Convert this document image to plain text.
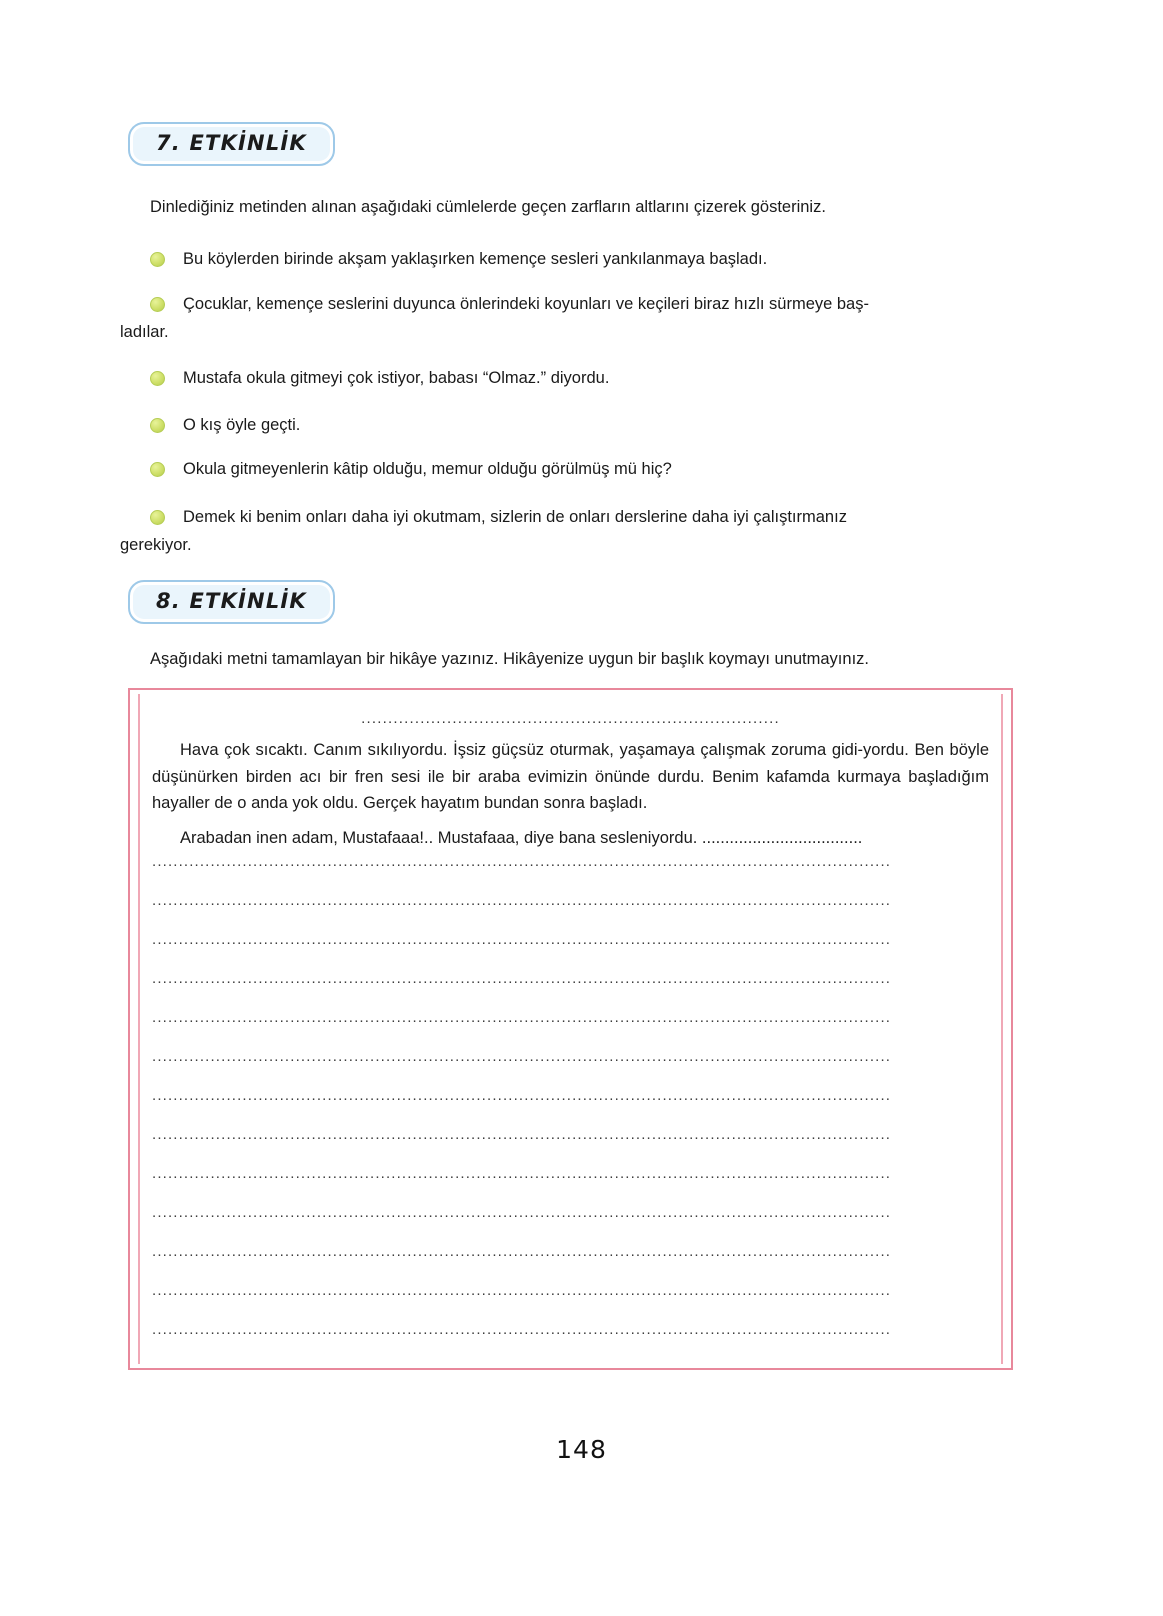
7. ETKİNLİK

Dinlediğiniz metinden alınan aşağıdaki cümlelerde geçen zarfların altlarını çizerek gösteriniz.

Bu köylerden birinde akşam yaklaşırken kemençe sesleri yankılanmaya başladı.
Çocuklar, kemençe seslerini duyunca önlerindeki koyunları ve keçileri biraz hızlı sürmeye baş-

ladılar.

Mustafa okula gitmeyi çok istiyor, babası “Olmaz.” diyordu.
O kış öyle geçti.
Okula gitmeyenlerin kâtip olduğu, memur olduğu görülmüş mü hiç?
Demek ki benim onları daha iyi okutmam, sizlerin de onları derslerine daha iyi çalıştırmanız

gerekiyor.

8. ETKİNLİK

Aşağıdaki metni tamamlayan bir hikâye yazınız. Hikâyenize uygun bir başlık koymayı unutmayınız.

..............................................................................

Hava çok sıcaktı. Canım sıkılıyordu. İşsiz güçsüz oturmak, yaşamaya çalışmak zoruma gidi-yordu. Ben böyle düşünürken birden acı bir fren sesi ile bir araba evimizin önünde durdu. Benim kafamda kurmaya başladığım hayaller de o anda yok oldu. Gerçek hayatım bundan sonra başladı.

Arabadan inen adam, Mustafaaa!.. Mustafaaa, diye bana sesleniyordu. ...................................

...........................................................................................................................................
...........................................................................................................................................
...........................................................................................................................................
...........................................................................................................................................
...........................................................................................................................................
...........................................................................................................................................
...........................................................................................................................................
...........................................................................................................................................
...........................................................................................................................................
...........................................................................................................................................
...........................................................................................................................................
...........................................................................................................................................
...........................................................................................................................................
148
